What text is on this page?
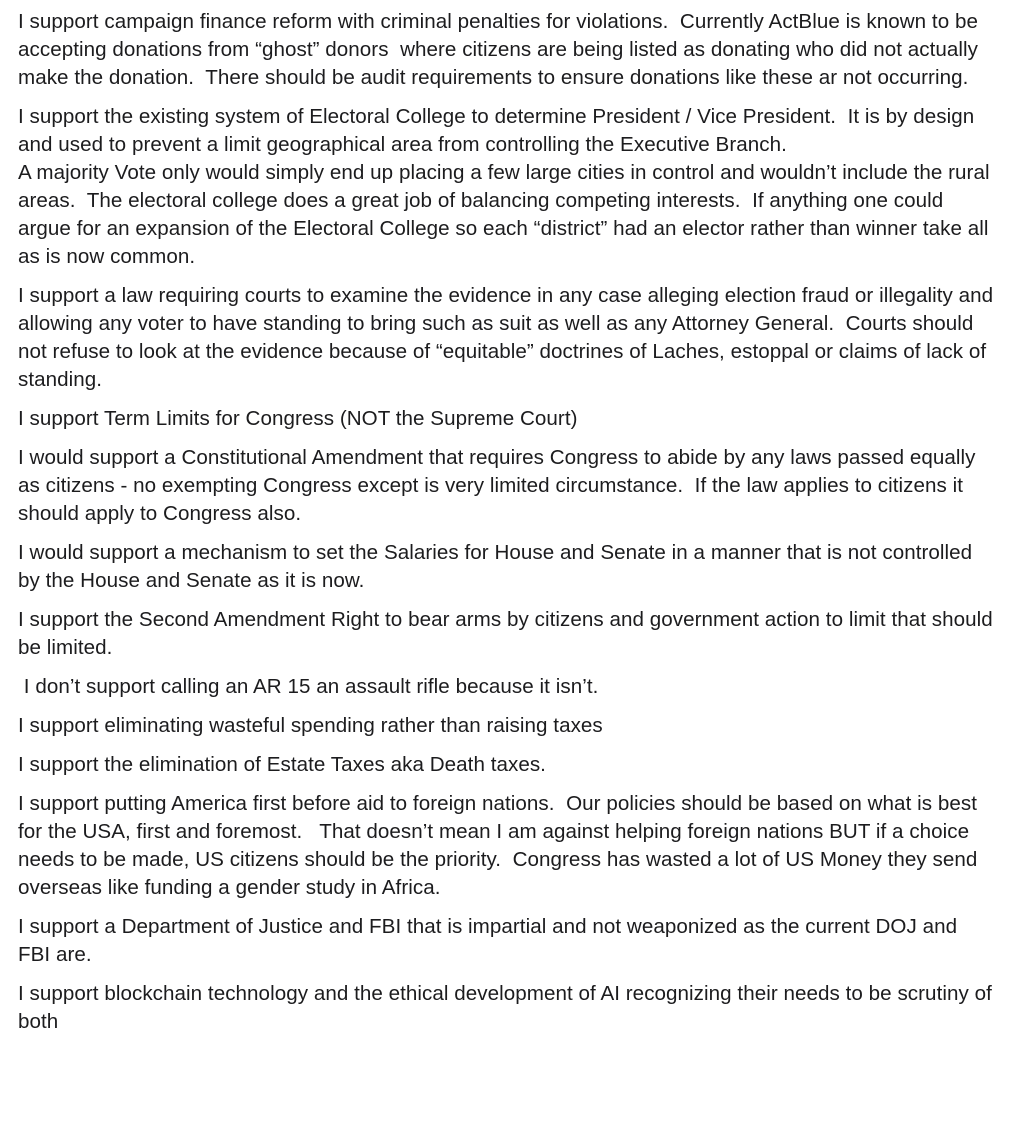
I support campaign finance reform with criminal penalties for violations.  Currently ActBlue is known to be accepting donations from “ghost” donors  where citizens are being listed as donating who did not actually make the donation.  There should be audit requirements to ensure donations like these ar not occurring.

I support the existing system of Electoral College to determine President / Vice President.  It is by design and used to prevent a limit geographical area from controlling the Executive Branch.
A majority Vote only would simply end up placing a few large cities in control and wouldn’t include the rural areas.  The electoral college does a great job of balancing competing interests.  If anything one could argue for an expansion of the Electoral College so each “district” had an elector rather than winner take all as is now common.

I support a law requiring courts to examine the evidence in any case alleging election fraud or illegality and allowing any voter to have standing to bring such as suit as well as any Attorney General.  Courts should not refuse to look at the evidence because of “equitable” doctrines of Laches, estoppal or claims of lack of standing.

I support Term Limits for Congress (NOT the Supreme Court)

I would support a Constitutional Amendment that requires Congress to abide by any laws passed equally as citizens - no exempting Congress except is very limited circumstance.  If the law applies to citizens it should apply to Congress also.

I would support a mechanism to set the Salaries for House and Senate in a manner that is not controlled by the House and Senate as it is now.

I support the Second Amendment Right to bear arms by citizens and government action to limit that should be limited.

I don’t support calling an AR 15 an assault rifle because it isn’t.

I support eliminating wasteful spending rather than raising taxes

I support the elimination of Estate Taxes aka Death taxes.

I support putting America first before aid to foreign nations.  Our policies should be based on what is best for the USA, first and foremost.   That doesn’t mean I am against helping foreign nations BUT if a choice needs to be made, US citizens should be the priority.  Congress has wasted a lot of US Money they send overseas like funding a gender study in Africa.

I support a Department of Justice and FBI that is impartial and not weaponized as the current DOJ and FBI are.

I support blockchain technology and the ethical development of AI recognizing their needs to be scrutiny of both
